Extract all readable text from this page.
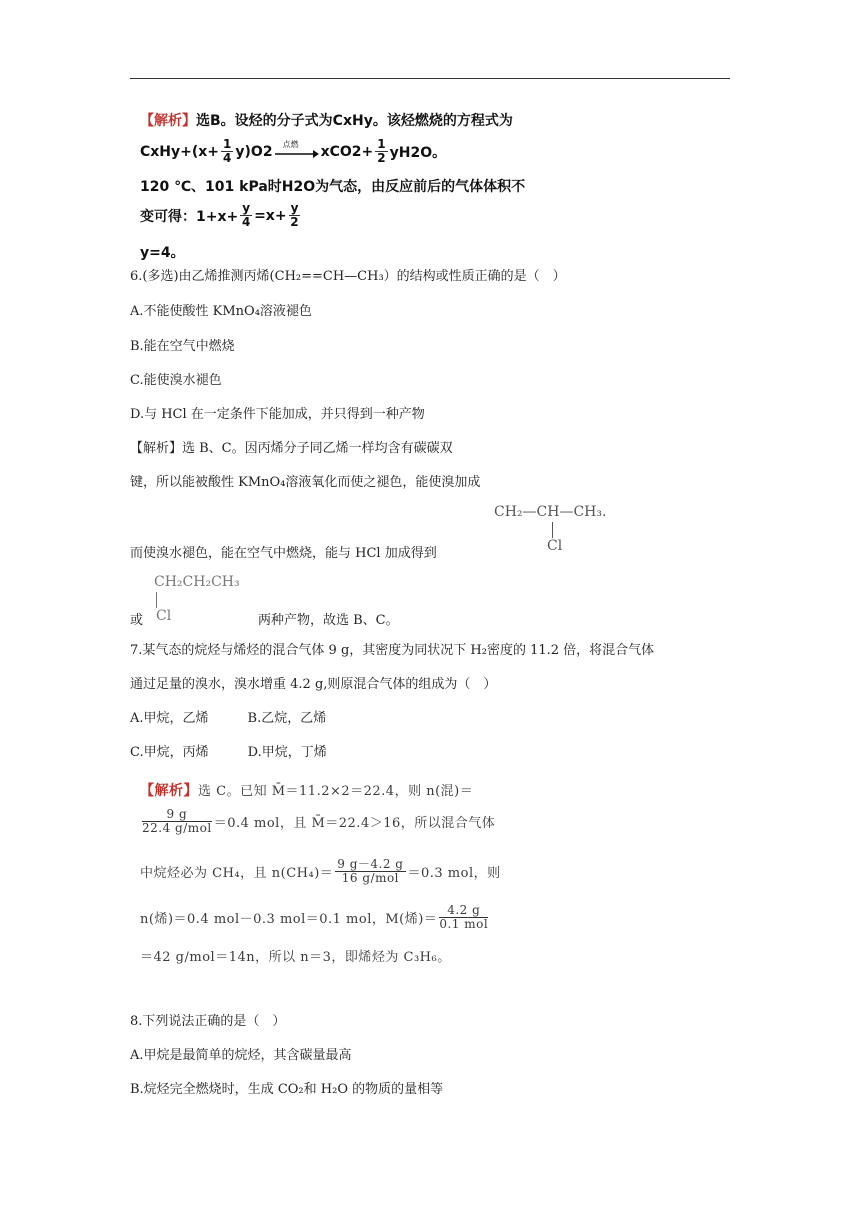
【解析】选B。设烃的分子式为CxHy。该烃燃烧的方程式为
CxHy+(x+ $\frac{1}{4} y)O2$ 点燃 $xCO2+ \frac{1}{2} yH2O$。
120 ℃、101 kPa时H2O为气态，由反应前后的气体体积不
变可得：$1+x+ \frac{y}{4} =x+ \frac{y}{2}$
y=4。
6.(多选)由乙烯推测丙烯(CH₂==CH—CH₃）的结构或性质正确的是（　）
A.不能使酸性 KMnO₄溶液褪色
B.能在空气中燃烧
C.能使溴水褪色
D.与 HCl 在一定条件下能加成，并只得到一种产物
【解析】选 B、C。因丙烯分子同乙烯一样均含有碳碳双
键，所以能被酸性 KMnO₄溶液氧化而使之褪色，能使溴加成
CH₂—CH—CH₃.
Cl
而使溴水褪色，能在空气中燃烧，能与 HCl 加成得到
CH₂CH₂CH₃
Cl
或	两种产物，故选 B、C。
7.某气态的烷烃与烯烃的混合气体 9 g，其密度为同状况下 H₂密度的 11.2 倍，将混合气体
通过足量的溴水，溴水增重 4.2 g,则原混合气体的组成为（　）
A.甲烷，乙烯　　　B.乙烷，乙烯
C.甲烷，丙烯　　　D.甲烷，丁烯
【解析】选 C。已知 M̄＝11.2×2＝22.4，则 n(混)＝
$\frac{9 g}{\text{22.4 g/mol}} =0.4$ mol，且 M̄＝22.4＞16，所以混合气体
中烷烃必为 CH₄，且 $n(CH_4)= \frac{9 g-4.2 g}{\text{16 g/mol}} =0.3$ mol，则
n(烯)＝0.4 mol－0.3 mol＝0.1 mol，M(烯)＝ $\frac{4.2 g}{\text{0.1 mol}}$
＝42 g/mol＝14n，所以 n＝3，即烯烃为 C₃H₆。
8.下列说法正确的是（　）
A.甲烷是最简单的烷烃，其含碳量最高
B.烷烃完全燃烧时，生成 CO₂和 H₂O 的物质的量相等
